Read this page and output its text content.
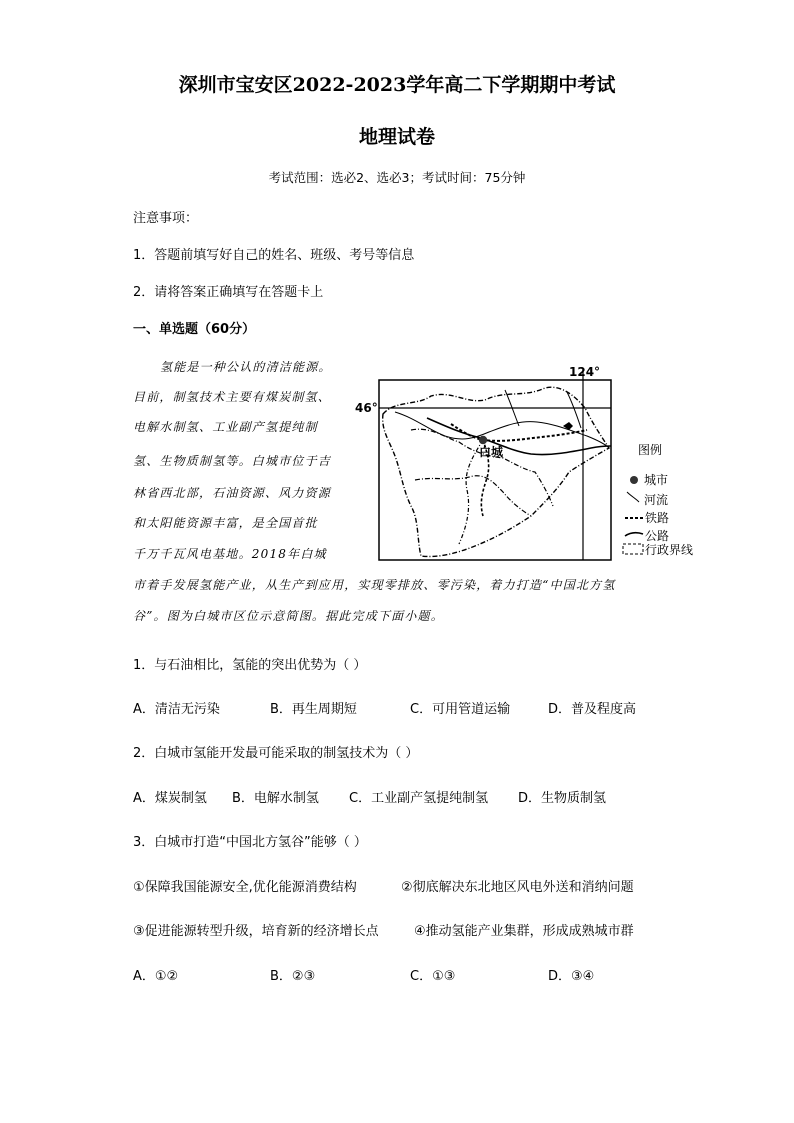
深圳市宝安区2022-2023学年高二下学期期中考试
地理试卷
考试范围：选必2、选必3；考试时间：75分钟
注意事项：
1．答题前填写好自己的姓名、班级、考号等信息
2．请将答案正确填写在答题卡上
一、单选题（60分）
氢能是一种公认的清洁能源。
目前，制氢技术主要有煤炭制氢、
电解水制氢、工业副产氢提纯制
氢、生物质制氢等。白城市位于吉
林省西北部，石油资源、风力资源
和太阳能资源丰富，是全国首批
千万千瓦风电基地。2018年白城
市着手发展氢能产业，从生产到应用，实现零排放、零污染，着力打造“中国北方氢
谷”。图为白城市区位示意简图。据此完成下面小题。
124°
46°
白城	图例
城市
河流
铁路
公路
行政界线
1．与石油相比，氢能的突出优势为（ ）
A．清洁无污染	B．再生周期短	C．可用管道运输	D．普及程度高
2．白城市氢能开发最可能采取的制氢技术为（ ）
A．煤炭制氢 B．电解水制氢 C．工业副产氢提纯制氢 D．生物质制氢
3．白城市打造“中国北方氢谷”能够（ ）
①保障我国能源安全,优化能源消费结构	②彻底解决东北地区风电外送和消纳问题
③促进能源转型升级，培育新的经济增长点	④推动氢能产业集群，形成成熟城市群
A．①②	B．②③	C．①③	D．③④
